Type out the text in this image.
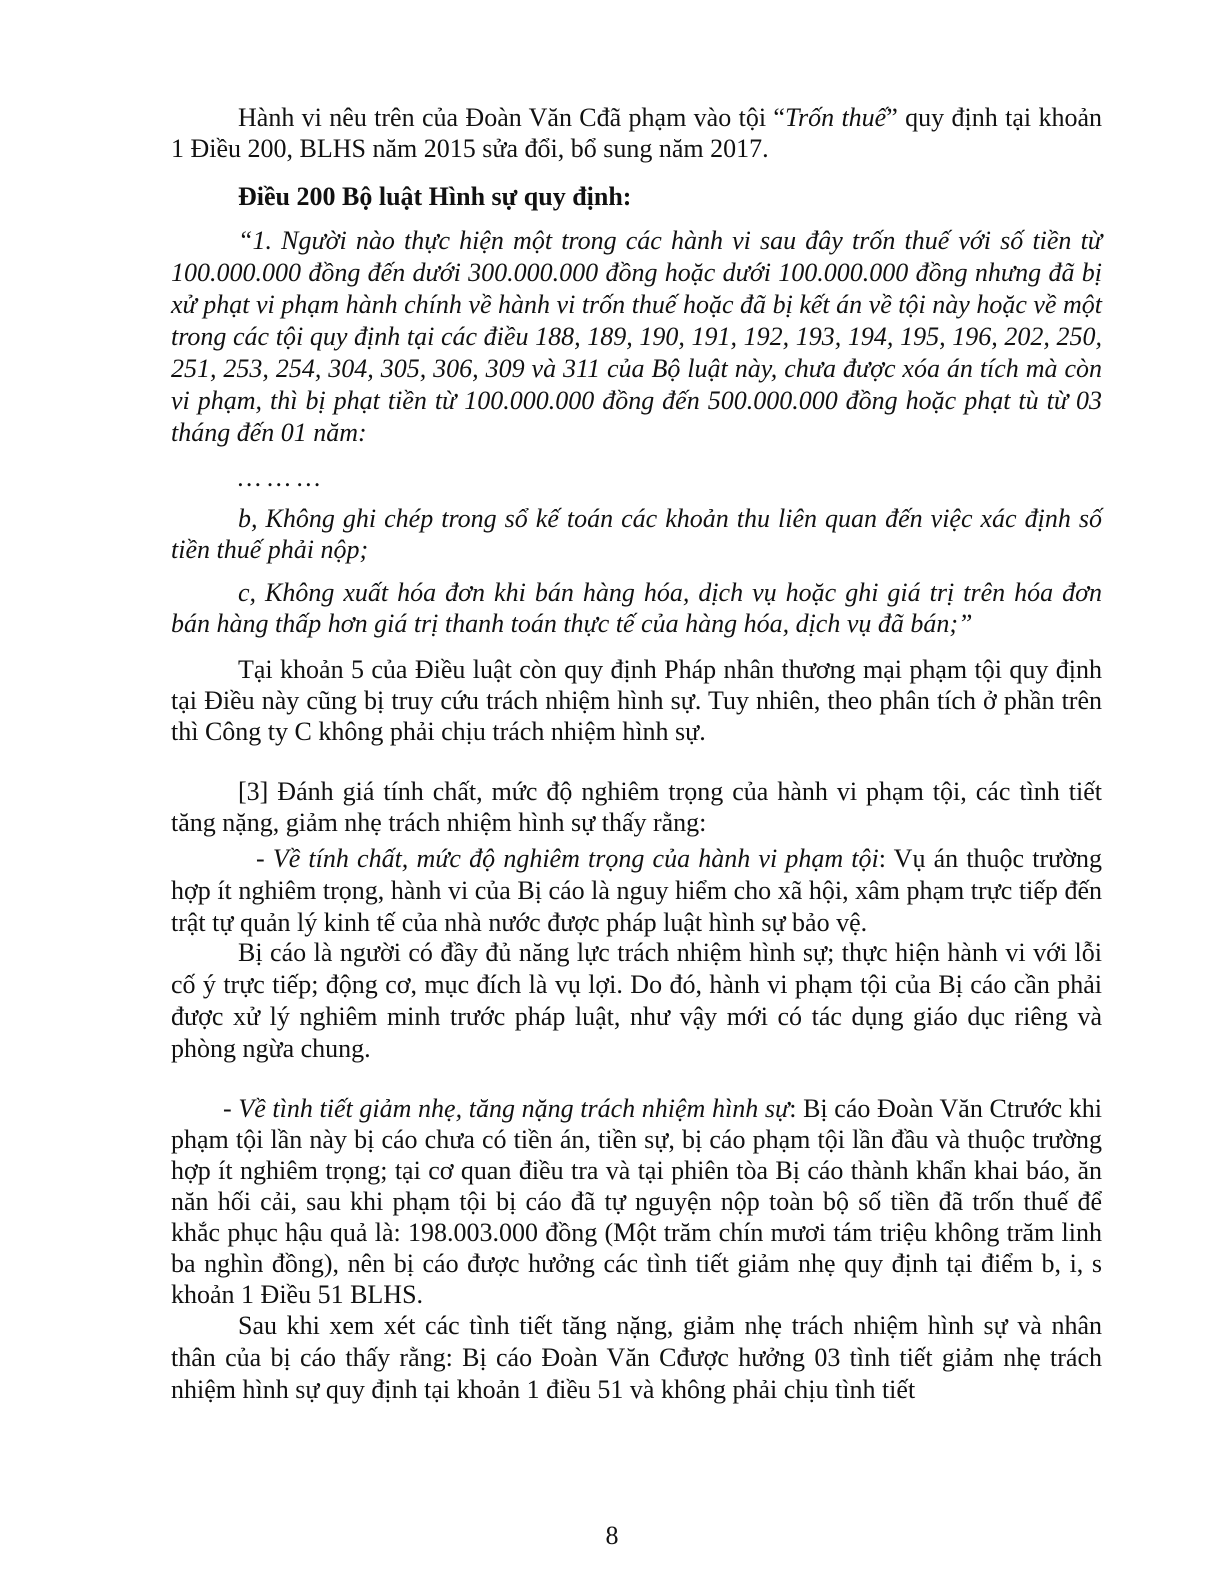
Hành vi nêu trên của Đoàn Văn Cđã phạm vào tội “Trốn thuế” quy định tại khoản 1 Điều 200, BLHS năm 2015 sửa đổi, bổ sung năm 2017.

Điều 200 Bộ luật Hình sự quy định:

“1. Người nào thực hiện một trong các hành vi sau đây trốn thuế với số tiền từ 100.000.000 đồng đến dưới 300.000.000 đồng hoặc dưới 100.000.000 đồng nhưng đã bị xử phạt vi phạm hành chính về hành vi trốn thuế hoặc đã bị kết án về tội này hoặc về một trong các tội quy định tại các điều 188, 189, 190, 191, 192, 193, 194, 195, 196, 202, 250, 251, 253, 254, 304, 305, 306, 309 và 311 của Bộ luật này, chưa được xóa án tích mà còn vi phạm, thì bị phạt tiền từ 100.000.000 đồng đến 500.000.000 đồng hoặc phạt tù từ 03 tháng đến 01 năm:

… … …

b, Không ghi chép trong sổ kế toán các khoản thu liên quan đến việc xác định số tiền thuế phải nộp;

c, Không xuất hóa đơn khi bán hàng hóa, dịch vụ hoặc ghi giá trị trên hóa đơn bán hàng thấp hơn giá trị thanh toán thực tế của hàng hóa, dịch vụ đã bán;”

Tại khoản 5 của Điều luật còn quy định Pháp nhân thương mại phạm tội quy định tại Điều này cũng bị truy cứu trách nhiệm hình sự. Tuy nhiên, theo phân tích ở phần trên thì Công ty C không phải chịu trách nhiệm hình sự.

[3] Đánh giá tính chất, mức độ nghiêm trọng của hành vi phạm tội, các tình tiết tăng nặng, giảm nhẹ trách nhiệm hình sự thấy rằng:

- Về tính chất, mức độ nghiêm trọng của hành vi phạm tội: Vụ án thuộc trường hợp ít nghiêm trọng, hành vi của Bị cáo là nguy hiểm cho xã hội, xâm phạm trực tiếp đến trật tự quản lý kinh tế của nhà nước được pháp luật hình sự bảo vệ.

Bị cáo là người có đầy đủ năng lực trách nhiệm hình sự; thực hiện hành vi với lỗi cố ý trực tiếp; động cơ, mục đích là vụ lợi. Do đó, hành vi phạm tội của Bị cáo cần phải được xử lý nghiêm minh trước pháp luật, như vậy mới có tác dụng giáo dục riêng và phòng ngừa chung.

- Về tình tiết giảm nhẹ, tăng nặng trách nhiệm hình sự: Bị cáo Đoàn Văn Ctrước khi phạm tội lần này bị cáo chưa có tiền án, tiền sự, bị cáo phạm tội lần đầu và thuộc trường hợp ít nghiêm trọng; tại cơ quan điều tra và tại phiên tòa Bị cáo thành khẩn khai báo, ăn năn hối cải, sau khi phạm tội bị cáo đã tự nguyện nộp toàn bộ số tiền đã trốn thuế để khắc phục hậu quả là: 198.003.000 đồng (Một trăm chín mươi tám triệu không trăm linh ba nghìn đồng), nên bị cáo được hưởng các tình tiết giảm nhẹ quy định tại điểm b, i, s khoản 1 Điều 51 BLHS.

Sau khi xem xét các tình tiết tăng nặng, giảm nhẹ trách nhiệm hình sự và nhân thân của bị cáo thấy rằng: Bị cáo Đoàn Văn Cđược hưởng 03 tình tiết giảm nhẹ trách nhiệm hình sự quy định tại khoản 1 điều 51 và không phải chịu tình tiết

8
